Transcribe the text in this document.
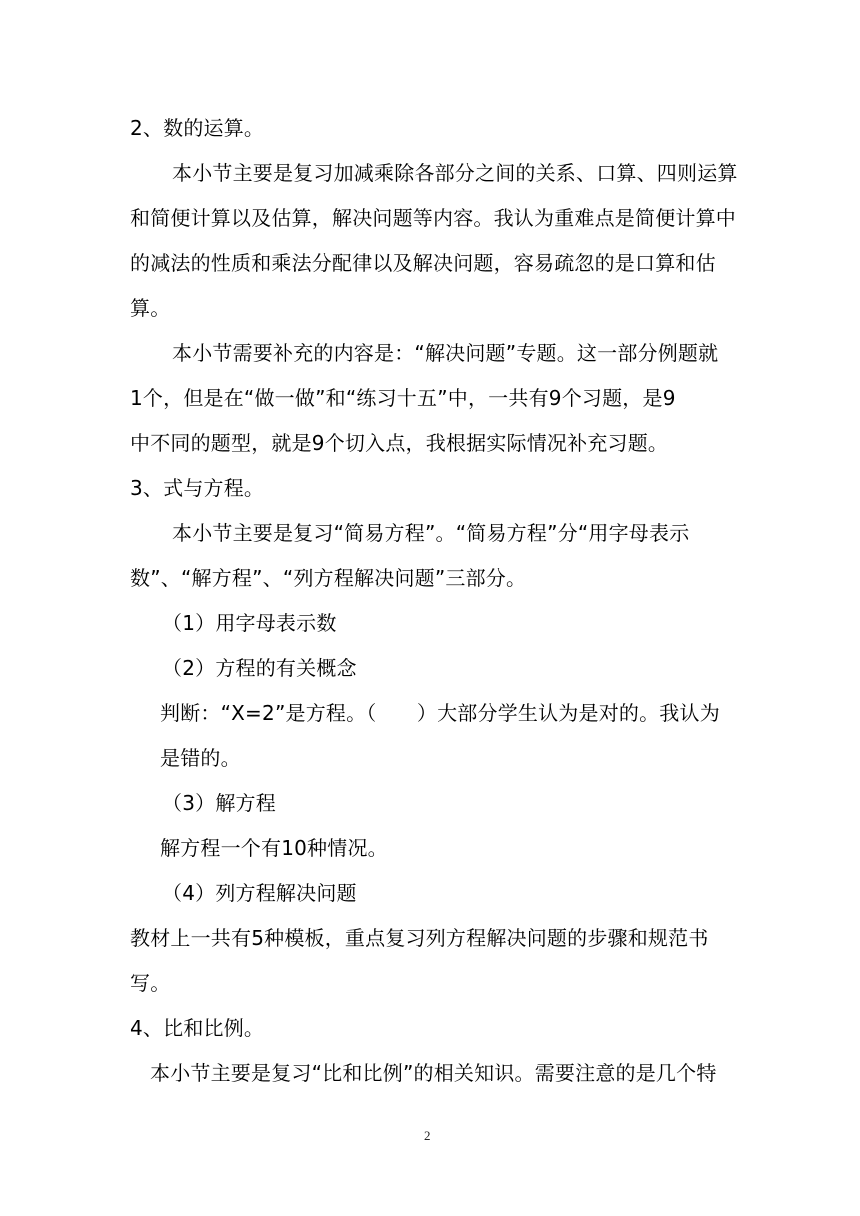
2、数的运算。

本小节主要是复习加减乘除各部分之间的关系、口算、四则运算

和简便计算以及估算，解决问题等内容。我认为重难点是简便计算中

的减法的性质和乘法分配律以及解决问题，容易疏忽的是口算和估

算。

本小节需要补充的内容是：“解决问题”专题。这一部分例题就

1个，但是在“做一做”和“练习十五”中，一共有9个习题，是9

中不同的题型，就是9个切入点，我根据实际情况补充习题。

3、式与方程。

本小节主要是复习“简易方程”。“简易方程”分“用字母表示

数”、“解方程”、“列方程解决问题”三部分。

（1）用字母表示数

（2）方程的有关概念

判断：“X=2”是方程。（　　）大部分学生认为是对的。我认为

是错的。

（3）解方程

解方程一个有10种情况。

（4）列方程解决问题

教材上一共有5种模板，重点复习列方程解决问题的步骤和规范书

写。

4、比和比例。

本小节主要是复习“比和比例”的相关知识。需要注意的是几个特

2
